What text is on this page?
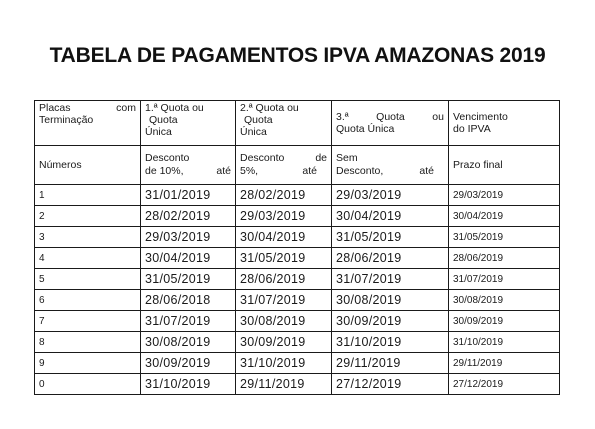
TABELA DE PAGAMENTOS IPVA AMAZONAS 2019
Placas com
Terminação	1.ª Quota ou
Quota
Única	2.ª Quota ou
Quota
Única	3.ª Quota ou
Quota Única	Vencimento
do IPVA

Números	Desconto
de 10%, até	Desconto de
5%, até	Sem
Desconto, até	Prazo final
1	31/01/2019	28/02/2019	29/03/2019	29/03/2019
2	28/02/2019	29/03/2019	30/04/2019	30/04/2019
3	29/03/2019	30/04/2019	31/05/2019	31/05/2019
4	30/04/2019	31/05/2019	28/06/2019	28/06/2019
5	31/05/2019	28/06/2019	31/07/2019	31/07/2019
6	28/06/2018	31/07/2019	30/08/2019	30/08/2019
7	31/07/2019	30/08/2019	30/09/2019	30/09/2019
8	30/08/2019	30/09/2019	31/10/2019	31/10/2019
9	30/09/2019	31/10/2019	29/11/2019	29/11/2019
0	31/10/2019	29/11/2019	27/12/2019	27/12/2019
